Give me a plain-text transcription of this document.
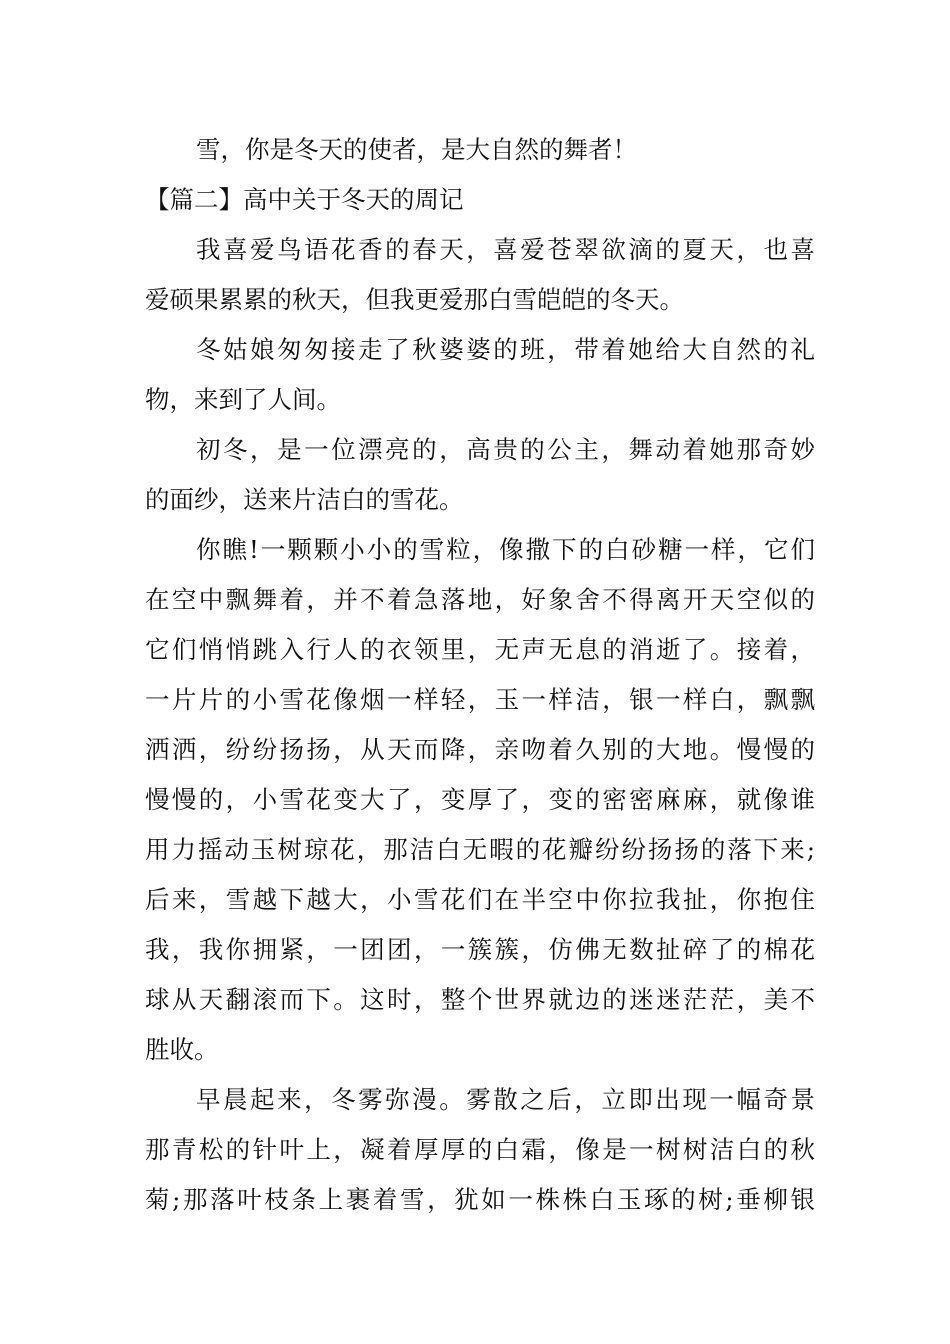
雪，你是冬天的使者，是大自然的舞者！
【篇二】高中关于冬天的周记
我喜爱鸟语花香的春天，喜爱苍翠欲滴的夏天，也喜
爱硕果累累的秋天，但我更爱那白雪皑皑的冬天。
冬姑娘匆匆接走了秋婆婆的班，带着她给大自然的礼
物，来到了人间。
初冬，是一位漂亮的，高贵的公主，舞动着她那奇妙
的面纱，送来片洁白的雪花。
你瞧!一颗颗小小的雪粒，像撒下的白砂糖一样，它们
在空中飘舞着，并不着急落地，好象舍不得离开天空似的
它们悄悄跳入行人的衣领里，无声无息的消逝了。接着，
一片片的小雪花像烟一样轻，玉一样洁，银一样白，飘飘
洒洒，纷纷扬扬，从天而降，亲吻着久别的大地。慢慢的
慢慢的，小雪花变大了，变厚了，变的密密麻麻，就像谁
用力摇动玉树琼花，那洁白无暇的花瓣纷纷扬扬的落下来;
后来，雪越下越大，小雪花们在半空中你拉我扯，你抱住
我，我你拥紧，一团团，一簇簇，仿佛无数扯碎了的棉花
球从天翻滚而下。这时，整个世界就边的迷迷茫茫，美不
胜收。
早晨起来，冬雾弥漫。雾散之后，立即出现一幅奇景
那青松的针叶上，凝着厚厚的白霜，像是一树树洁白的秋
菊;那落叶枝条上裹着雪，犹如一株株白玉琢的树;垂柳银
